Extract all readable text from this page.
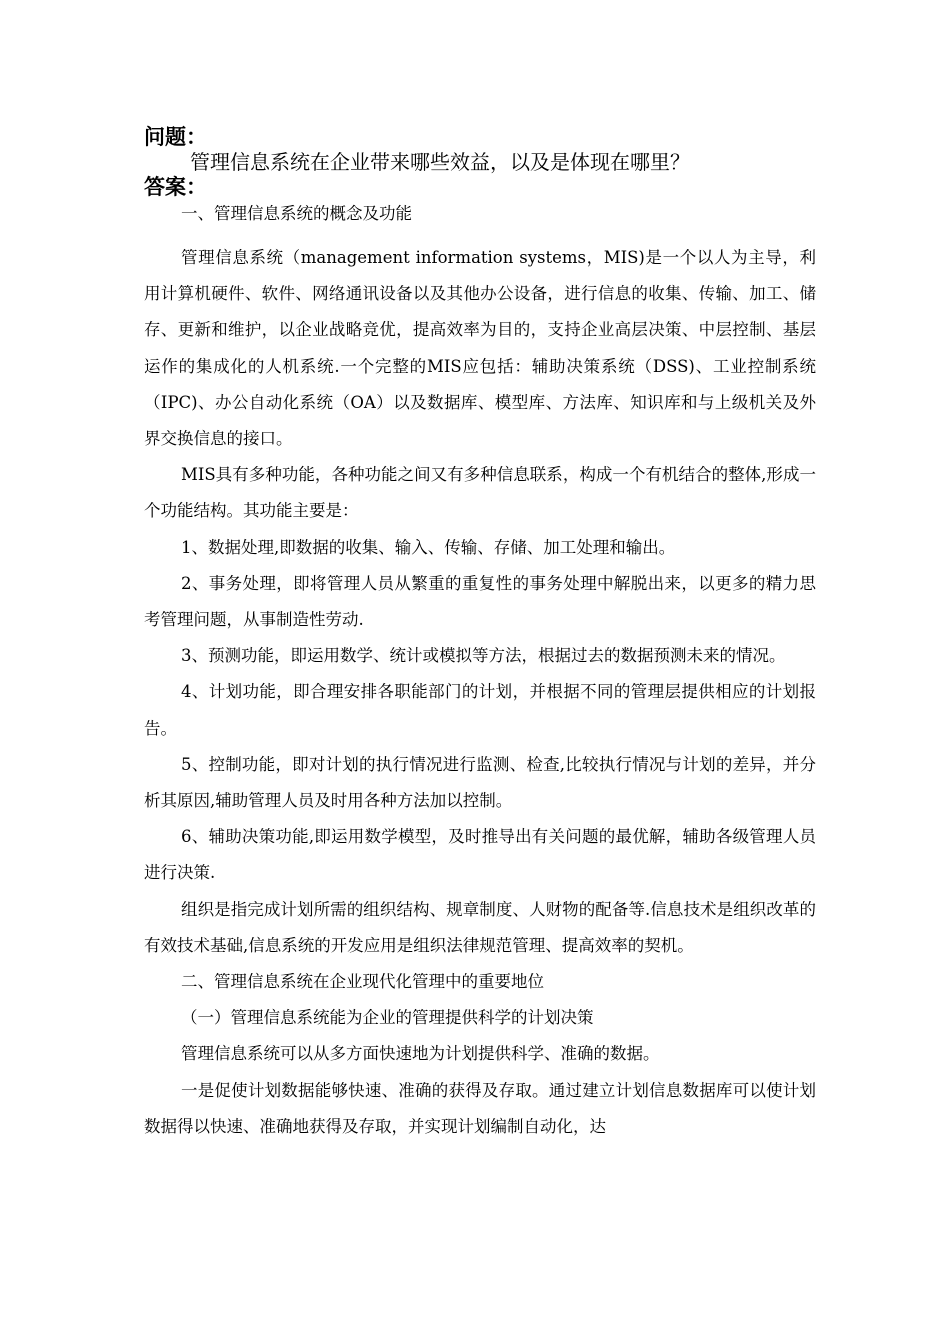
问题：
管理信息系统在企业带来哪些效益，以及是体现在哪里？
答案：

一、管理信息系统的概念及功能

管理信息系统（management information systems，MIS)是一个以人为主导，利用计算机硬件、软件、网络通讯设备以及其他办公设备，进行信息的收集、传输、加工、储存、更新和维护，以企业战略竞优，提高效率为目的，支持企业高层决策、中层控制、基层运作的集成化的人机系统.一个完整的MIS应包括：辅助决策系统（DSS)、工业控制系统（IPC)、办公自动化系统（OA）以及数据库、模型库、方法库、知识库和与上级机关及外界交换信息的接口。

MIS具有多种功能，各种功能之间又有多种信息联系，构成一个有机结合的整体,形成一个功能结构。其功能主要是：

1、数据处理,即数据的收集、输入、传输、存储、加工处理和输出。

2、事务处理，即将管理人员从繁重的重复性的事务处理中解脱出来，以更多的精力思考管理问题，从事制造性劳动.

3、预测功能，即运用数学、统计或模拟等方法，根据过去的数据预测未来的情况。

4、计划功能，即合理安排各职能部门的计划，并根据不同的管理层提供相应的计划报告。

5、控制功能，即对计划的执行情况进行监测、检查,比较执行情况与计划的差异，并分析其原因,辅助管理人员及时用各种方法加以控制。

6、辅助决策功能,即运用数学模型，及时推导出有关问题的最优解，辅助各级管理人员进行决策.

组织是指完成计划所需的组织结构、规章制度、人财物的配备等.信息技术是组织改革的有效技术基础,信息系统的开发应用是组织法律规范管理、提高效率的契机。

二、管理信息系统在企业现代化管理中的重要地位

（一）管理信息系统能为企业的管理提供科学的计划决策

管理信息系统可以从多方面快速地为计划提供科学、准确的数据。

一是促使计划数据能够快速、准确的获得及存取。通过建立计划信息数据库可以使计划数据得以快速、准确地获得及存取，并实现计划编制自动化，达
